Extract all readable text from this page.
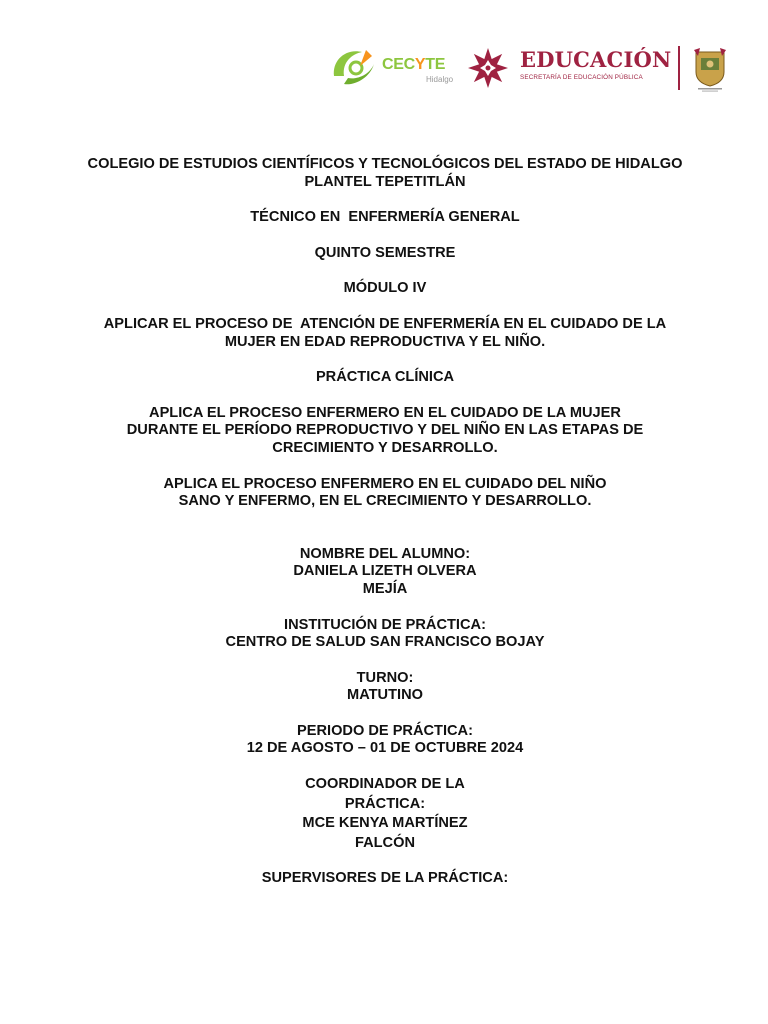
CECYTE
Hidalgo
EDUCACIÓN
SECRETARÍA DE EDUCACIÓN PÚBLICA

COLEGIO DE ESTUDIOS CIENTÍFICOS Y TECNOLÓGICOS DEL ESTADO DE HIDALGO

PLANTEL TEPETITLÁN

TÉCNICO EN  ENFERMERÍA GENERAL

QUINTO SEMESTRE

MÓDULO IV

APLICAR EL PROCESO DE  ATENCIÓN DE ENFERMERÍA EN EL CUIDADO DE LA

MUJER EN EDAD REPRODUCTIVA Y EL NIÑO.

PRÁCTICA CLÍNICA

APLICA EL PROCESO ENFERMERO EN EL CUIDADO DE LA MUJER

DURANTE EL PERÍODO REPRODUCTIVO Y DEL NIÑO EN LAS ETAPAS DE

CRECIMIENTO Y DESARROLLO.

APLICA EL PROCESO ENFERMERO EN EL CUIDADO DEL NIÑO

SANO Y ENFERMO, EN EL CRECIMIENTO Y DESARROLLO.

NOMBRE DEL ALUMNO:

DANIELA LIZETH OLVERA

MEJÍA

INSTITUCIÓN DE PRÁCTICA:

CENTRO DE SALUD SAN FRANCISCO BOJAY

TURNO:

MATUTINO

PERIODO DE PRÁCTICA:

12 DE AGOSTO – 01 DE OCTUBRE 2024

COORDINADOR DE LA

PRÁCTICA:

MCE KENYA MARTÍNEZ

FALCÓN

SUPERVISORES DE LA PRÁCTICA:
